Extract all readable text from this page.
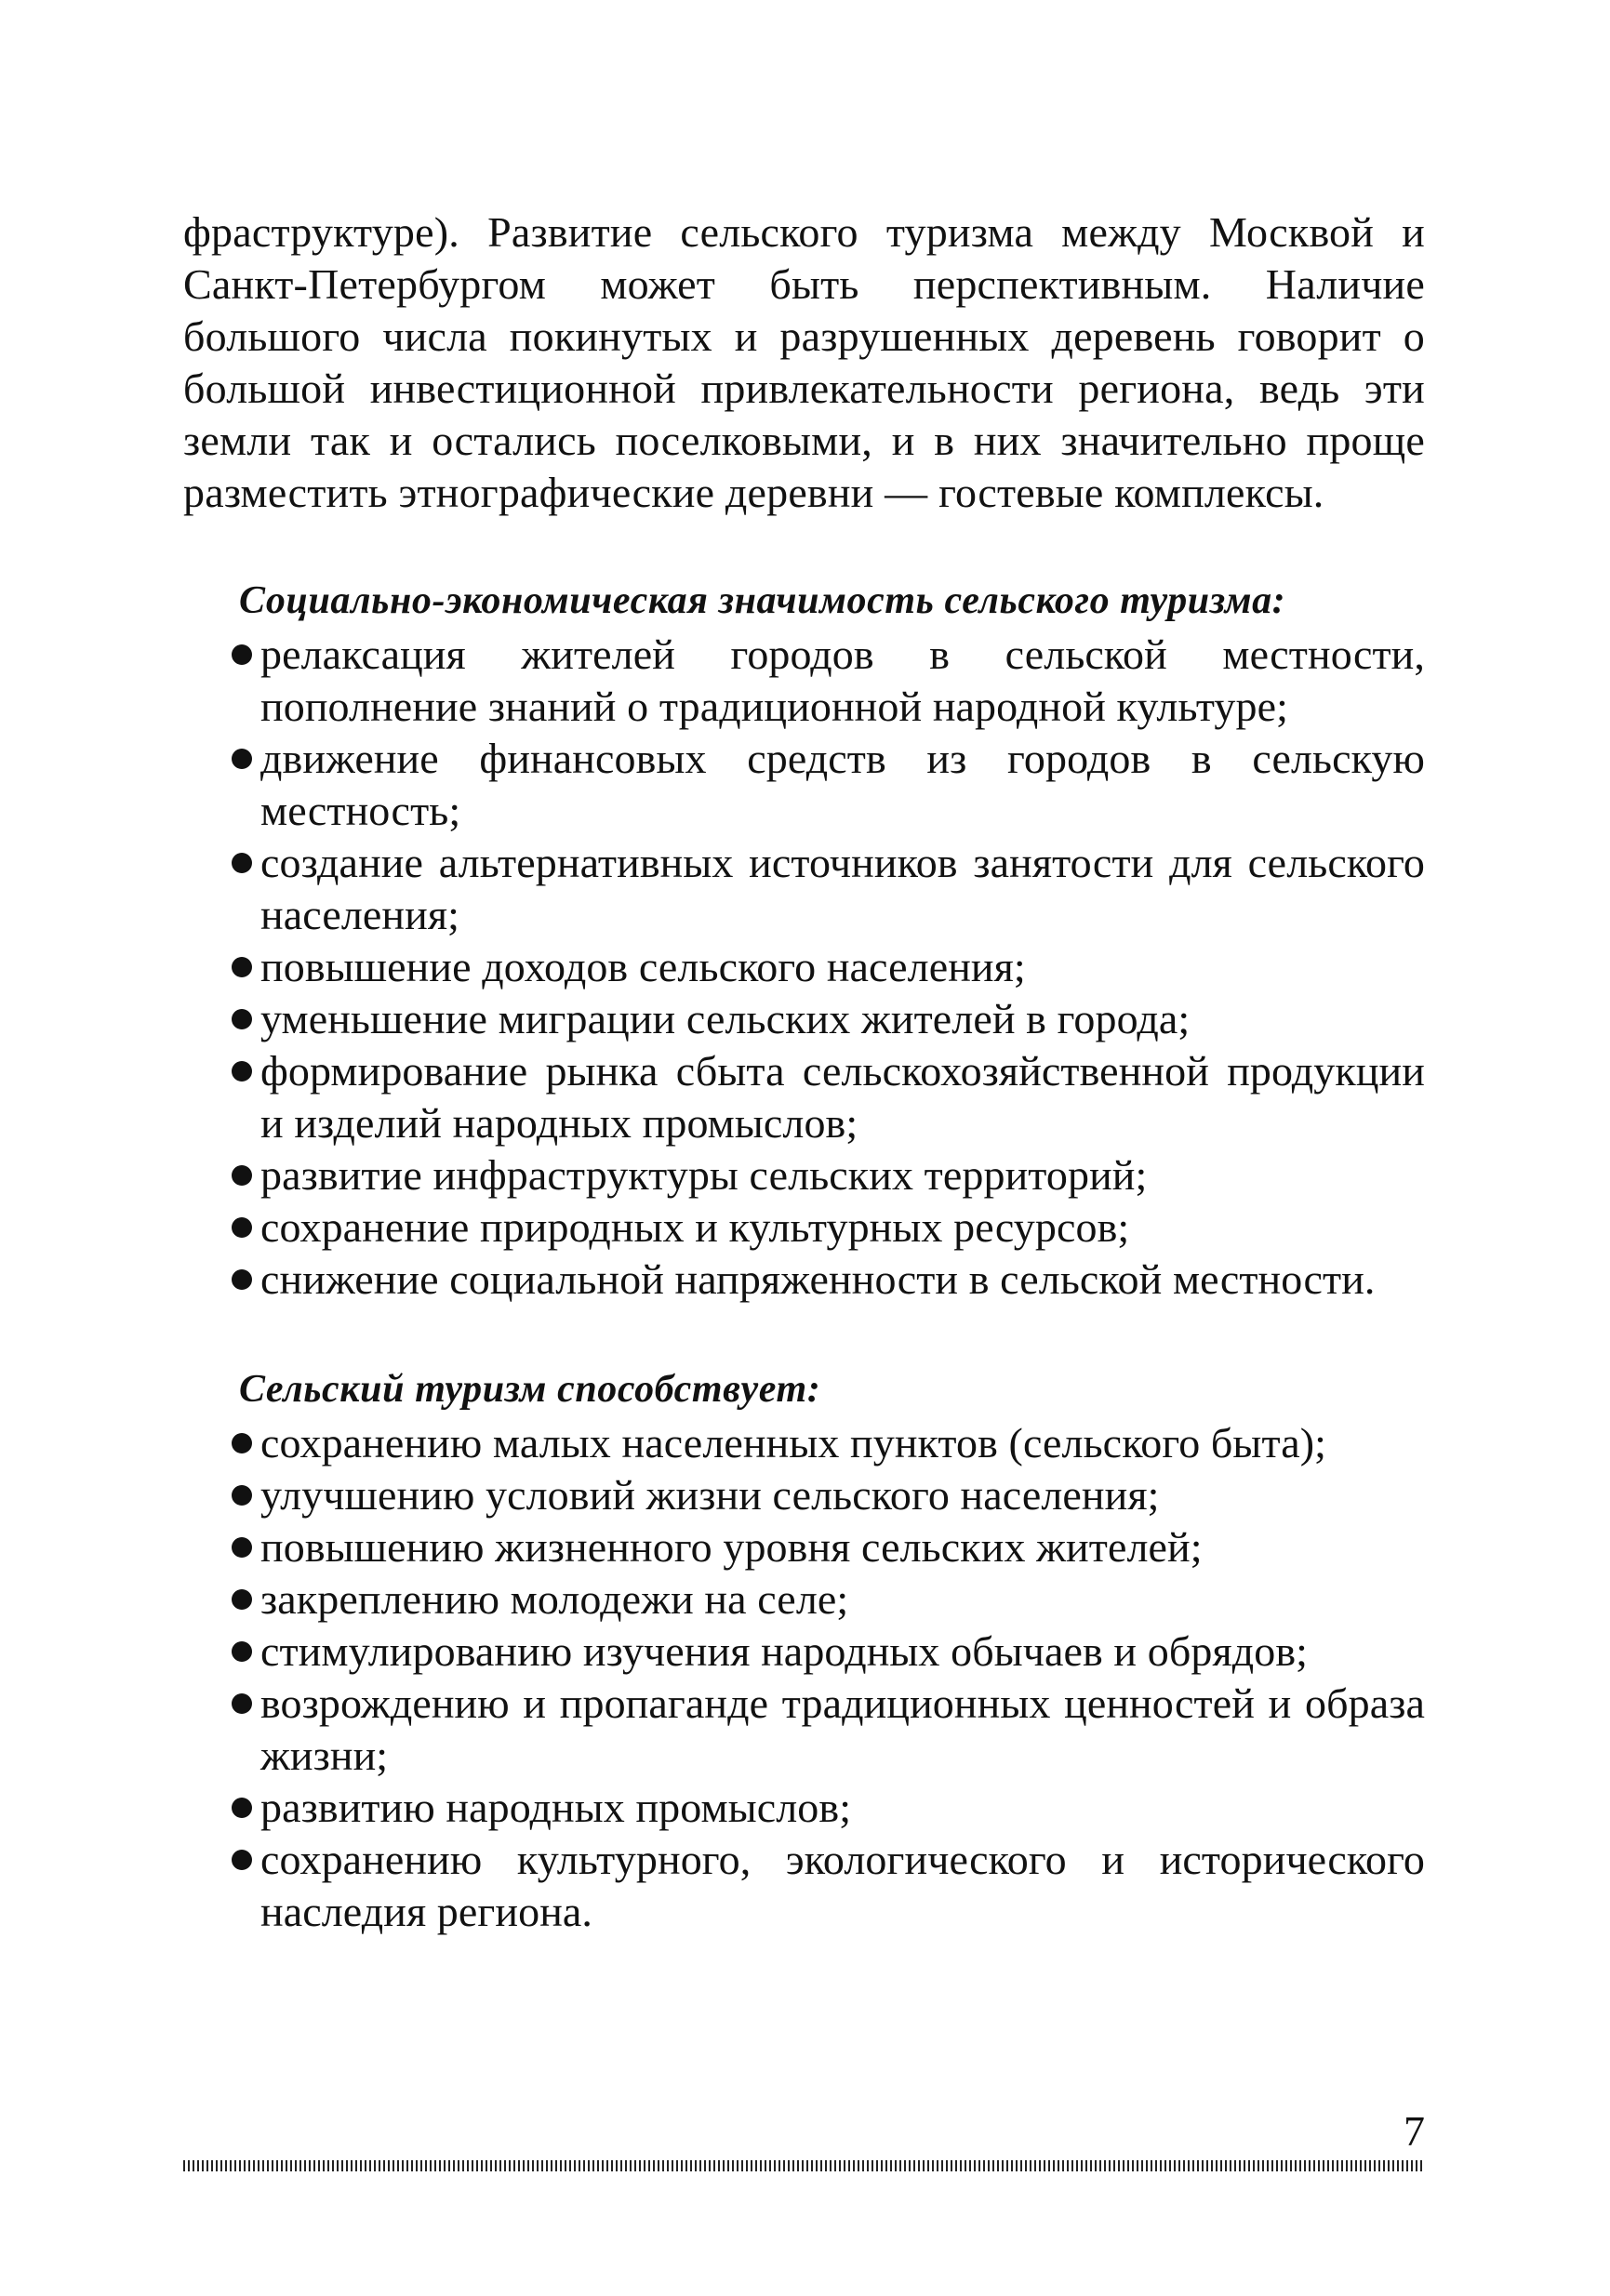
фраструктуре). Развитие сельского туризма между Москвой и Санкт-Петербургом может быть перспективным. Наличие большого числа покинутых и разрушенных деревень говорит о большой инвестиционной привлекательности региона, ведь эти земли так и остались поселковыми, и в них значительно проще разместить этнографические деревни — гостевые комплексы.

Социально-экономическая значимость сельского туризма:

релаксация жителей городов в сельской местности, пополнение знаний о традиционной народной культуре;
движение финансовых средств из городов в сельскую местность;
создание альтернативных источников занятости для сельского населения;
повышение доходов сельского населения;
уменьшение миграции сельских жителей в города;
формирование рынка сбыта сельскохозяйственной продукции и изделий народных промыслов;
развитие инфраструктуры сельских территорий;
сохранение природных и культурных ресурсов;
снижение социальной напряженности в сельской местности.

Сельский туризм способствует:

сохранению малых населенных пунктов (сельского быта);
улучшению условий жизни сельского населения;
повышению жизненного уровня сельских жителей;
закреплению молодежи на селе;
стимулированию изучения народных обычаев и обрядов;
возрождению и пропаганде традиционных ценностей и образа жизни;
развитию народных промыслов;
сохранению культурного, экологического и исторического наследия региона.
7
